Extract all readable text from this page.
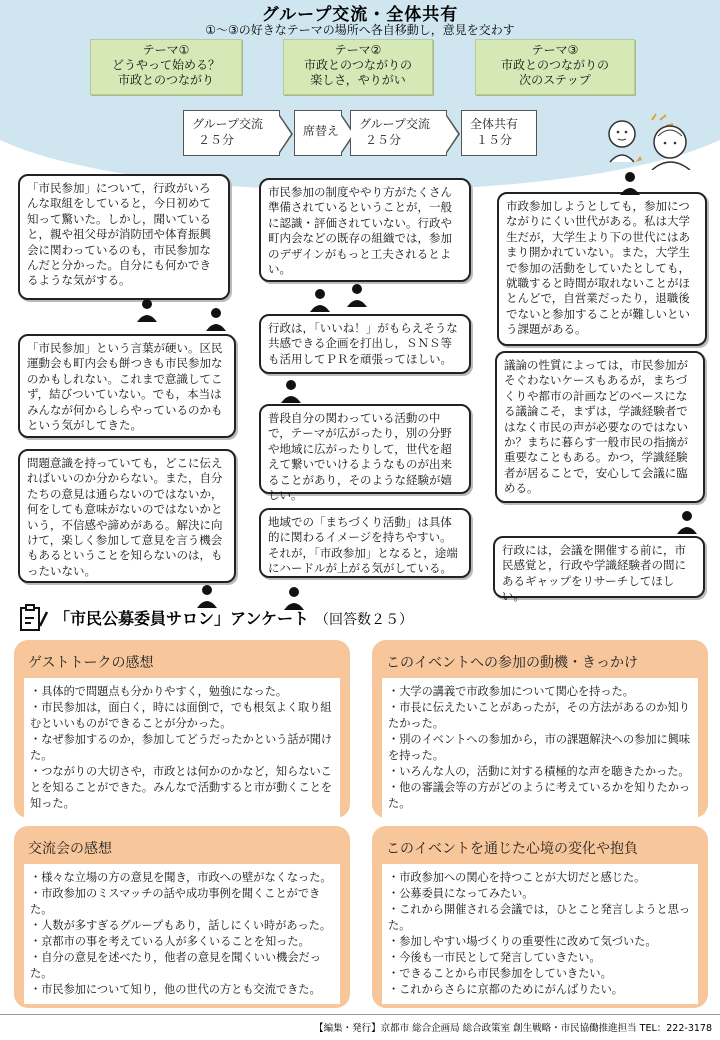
グループ交流・全体共有
①～③の好きなテーマの場所へ各自移動し，意見を交わす
テーマ①
どうやって始める？
市政とのつながり
テーマ②
市政とのつながりの
楽しさ，やりがい
テーマ③
市政とのつながりの
次のステップ
グループ交流
２５分
席替え グループ交流
２５分
全体共有
１５分
「市民参加」について，行政がいろんな取組をしていると，今日初めて知って驚いた。しかし，聞いていると，親や祖父母が消防団や体育振興会に関わっているのも，市民参加なんだと分かった。自分にも何かできるような気がする。
「市民参加」という言葉が硬い。区民運動会も町内会も餅つきも市民参加なのかもしれない。これまで意識してこず，結びついていない。でも，本当はみんなが何からしらやっているのかもという気がしてきた。
問題意識を持っていても，どこに伝えればいいのか分からない。また，自分たちの意見は通らないのではないか，何をしても意味がないのではないかという，不信感や諦めがある。解決に向けて，楽しく参加して意見を言う機会もあるということを知らないのは，もったいない。
市民参加の制度ややり方がたくさん準備されているということが，一般に認識・評価されていない。行政や町内会などの既存の組織では，参加のデザインがもっと工夫されるとよい。
行政は，「いいね！」がもらえそうな共感できる企画を打出し，ＳＮＳ等も活用してＰＲを頑張ってほしい。
普段自分の関わっている活動の中で，テーマが広がったり，別の分野や地域に広がったりして，世代を超えて繋いでいけるようなものが出来ることがあり，そのような経験が嬉しい。
地域での「まちづくり活動」は具体的に関わるイメージを持ちやすい。それが，「市政参加」となると，途端にハードルが上がる気がしている。
市政参加しようとしても，参加につながりにくい世代がある。私は大学生だが，大学生より下の世代にはあまり開かれていない。また，大学生で参加の活動をしていたとしても，就職すると時間が取れないことがほとんどで，自営業だったり，退職後でないと参加することが難しいという課題がある。
議論の性質によっては，市民参加がそぐわないケースもあるが，まちづくりや都市の計画などのベースになる議論こそ，まずは，学識経験者ではなく市民の声が必要なのではないか？まちに暮らす一般市民の指摘が重要なこともある。かつ，学識経験者が居ることで，安心して会議に臨める。
行政には，会議を開催する前に，市民感覚と，行政や学識経験者の間にあるギャップをリサーチしてほしい。
「市民公募委員サロン」アンケート （回答数２５）
ゲストトークの感想
・具体的で問題点も分かりやすく，勉強になった。
・市民参加は，面白く，時には面倒で，でも根気よく取り組むといいものができることが分かった。
・なぜ参加するのか，参加してどうだったかという話が聞けた。
・つながりの大切さや，市政とは何かのかなど，知らないことを知ることができた。みんなで活動すると市が動くことを知った。
このイベントへの参加の動機・きっかけ
・大学の講義で市政参加について関心を持った。
・市長に伝えたいことがあったが，その方法があるのか知りたかった。
・別のイベントへの参加から，市の課題解決への参加に興味を持った。
・いろんな人の，活動に対する積極的な声を聴きたかった。
・他の審議会等の方がどのように考えているかを知りたかった。
交流会の感想
・様々な立場の方の意見を聞き，市政への壁がなくなった。
・市政参加のミスマッチの話や成功事例を聞くことができた。
・人数が多すぎるグループもあり，話しにくい時があった。
・京都市の事を考えている人が多くいることを知った。
・自分の意見を述べたり，他者の意見を聞くいい機会だった。
・市民参加について知り，他の世代の方とも交流できた。
このイベントを通じた心境の変化や抱負
・市政参加への関心を持つことが大切だと感じた。
・公募委員になってみたい。
・これから開催される会議では，ひとこと発言しようと思った。
・参加しやすい場づくりの重要性に改めて気づいた。
・今後も一市民として発言していきたい。
・できることから市民参加をしていきたい。
・これからさらに京都のためにがんばりたい。
【編集・発行】京都市 総合企画局 総合政策室 創生戦略・市民協働推進担当 TEL：222-3178
